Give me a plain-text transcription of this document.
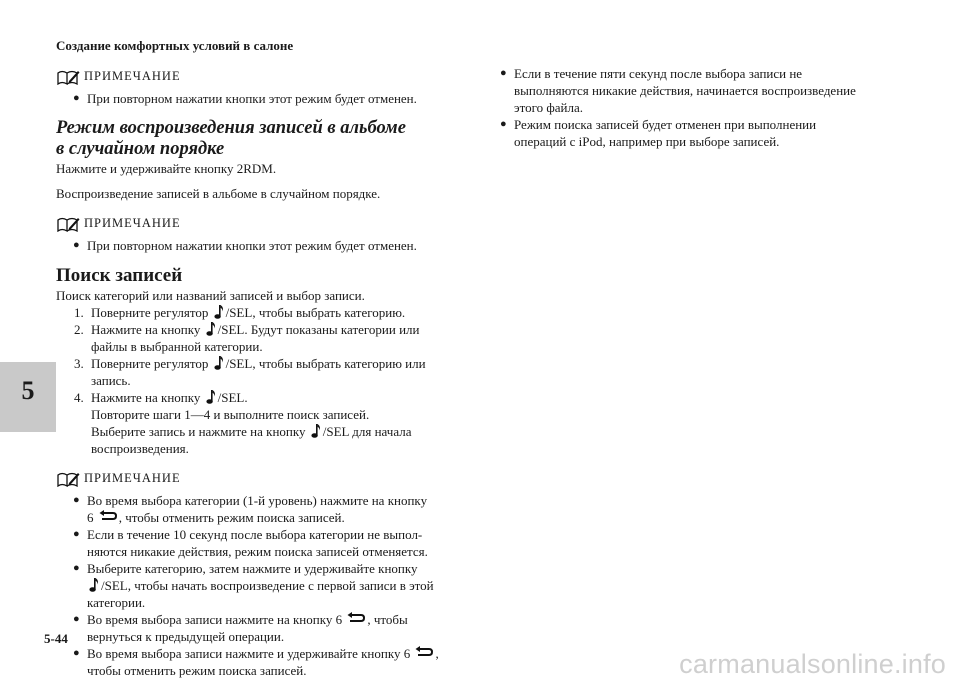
Создание комфортных условий в салоне
5
ПРИМЕЧАНИЕ
● При повторном нажатии кнопки этот режим будет отменен.
Режим воспроизведения записей в альбоме
в случайном порядке
Нажмите и удерживайте кнопку 2RDM.
Воспроизведение записей в альбоме в случайном порядке.
ПРИМЕЧАНИЕ
● При повторном нажатии кнопки этот режим будет отменен.
Поиск записей
Поиск категорий или названий записей и выбор записи.
1. Поверните регулятор /SEL, чтобы выбрать категорию.
2. Нажмите на кнопку /SEL. Будут показаны категории или
файлы в выбранной категории.
3. Поверните регулятор /SEL, чтобы выбрать категорию или
запись.
4. Нажмите на кнопку /SEL.
Повторите шаги 1—4 и выполните поиск записей.
Выберите запись и нажмите на кнопку /SEL для начала
воспроизведения.
ПРИМЕЧАНИЕ
● Во время выбора категории (1-й уровень) нажмите на кнопку
6 , чтобы отменить режим поиска записей.
● Если в течение 10 секунд после выбора категории не выпол-
няются никакие действия, режим поиска записей отменяется.
● Выберите категорию, затем нажмите и удерживайте кнопку
/SEL, чтобы начать воспроизведение с первой записи в этой
категории.
● Во время выбора записи нажмите на кнопку 6 , чтобы
вернуться к предыдущей операции.
● Во время выбора записи нажмите и удерживайте кнопку 6 ,
чтобы отменить режим поиска записей.
● Если в течение пяти секунд после выбора записи не
выполняются никакие действия, начинается воспроизведение
этого файла.
● Режим поиска записей будет отменен при выполнении
операций с iPod, например при выборе записей.
5-44
carmanualsonline.info
